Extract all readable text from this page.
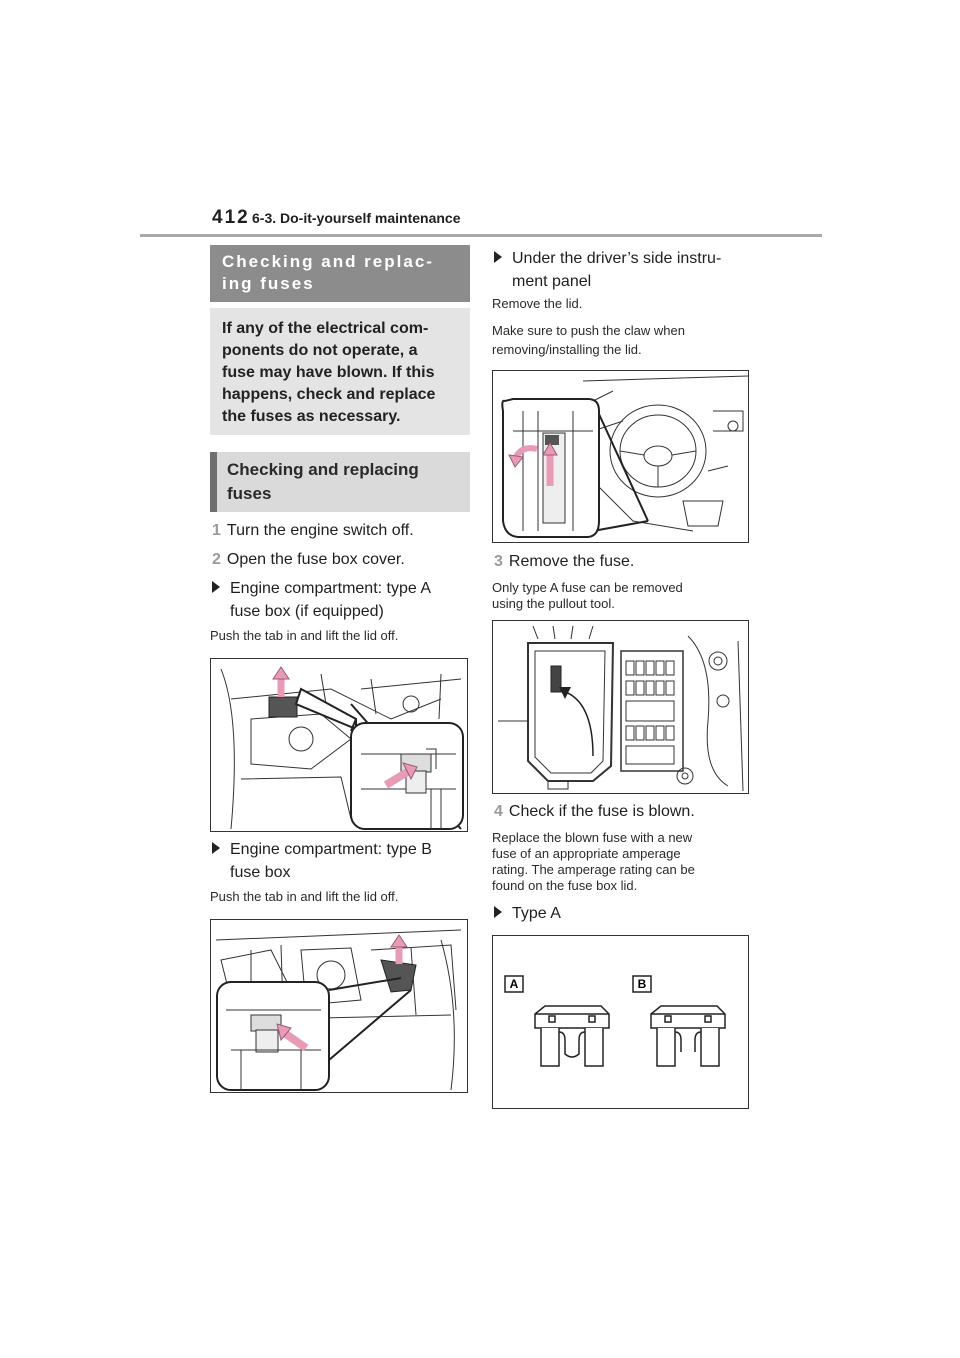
412 6-3. Do-it-yourself maintenance
Checking and replac-
ing fuses
If any of the electrical com-
ponents do not operate, a
fuse may have blown. If this
happens, check and replace
the fuses as necessary.
Checking and replacing
fuses
1 Turn the engine switch off.
2 Open the fuse box cover.
Engine compartment: type A
fuse box (if equipped)
Push the tab in and lift the lid off.
Engine compartment: type B
fuse box
Push the tab in and lift the lid off.
Under the driver’s side instru-
ment panel
Remove the lid.
Make sure to push the claw when
removing/installing the lid.
3 Remove the fuse.
Only type A fuse can be removed
using the pullout tool.
4 Check if the fuse is blown.
Replace the blown fuse with a new
fuse of an appropriate amperage
rating. The amperage rating can be
found on the fuse box lid.
Type A
A	B
